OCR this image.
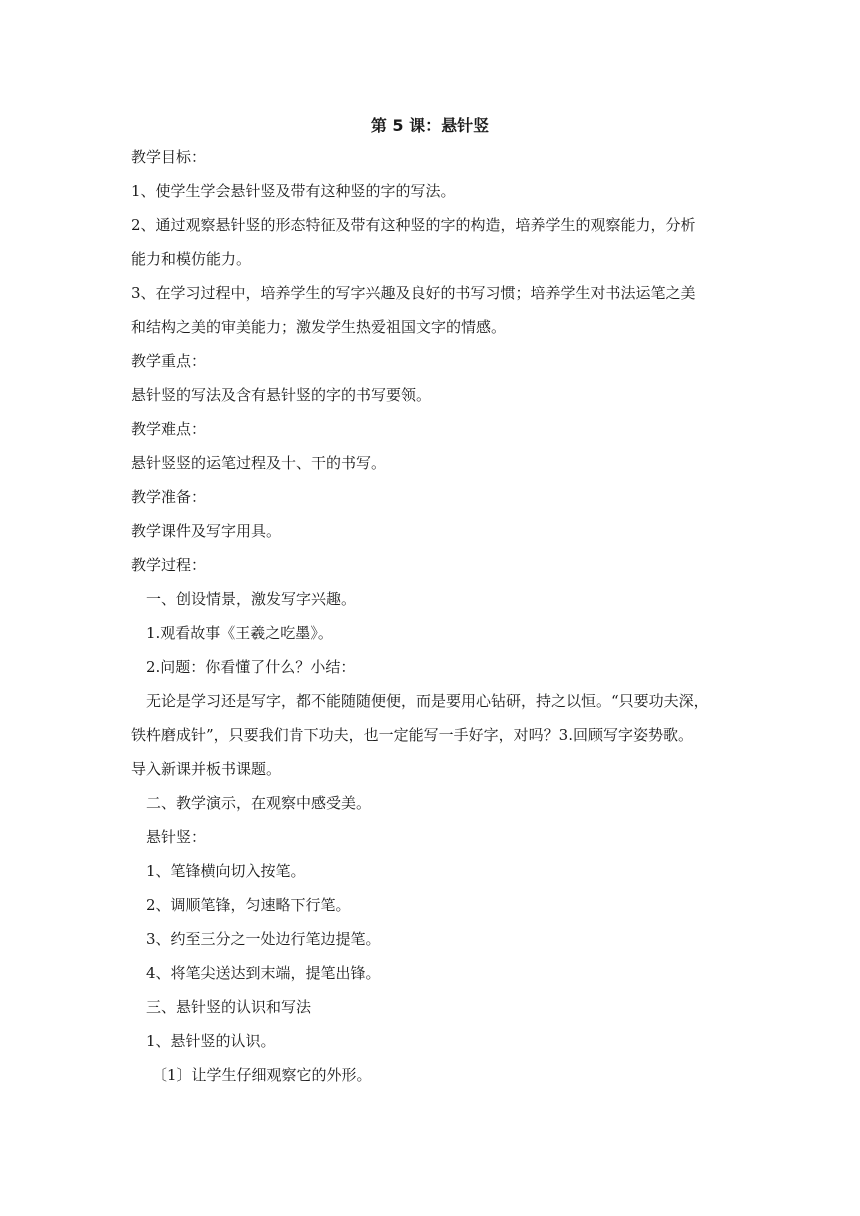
第 5 课：悬针竖
教学目标：
1、使学生学会悬针竖及带有这种竖的字的写法。
2、通过观察悬针竖的形态特征及带有这种竖的字的构造，培养学生的观察能力，分析
能力和模仿能力。
3、在学习过程中，培养学生的写字兴趣及良好的书写习惯；培养学生对书法运笔之美
和结构之美的审美能力；激发学生热爱祖国文字的情感。
教学重点：
悬针竖的写法及含有悬针竖的字的书写要领。
教学难点：
悬针竖竖的运笔过程及十、干的书写。
教学准备：
教学课件及写字用具。
教学过程：
一、创设情景，激发写字兴趣。
1.观看故事《王羲之吃墨》。
2.问题：你看懂了什么？小结：
无论是学习还是写字，都不能随随便便，而是要用心钻研，持之以恒。“只要功夫深，
铁杵磨成针”，只要我们肯下功夫，也一定能写一手好字，对吗？3.回顾写字姿势歌。
导入新课并板书课题。
二、教学演示，在观察中感受美。
悬针竖：
1、笔锋横向切入按笔。
2、调顺笔锋，匀速略下行笔。
3、约至三分之一处边行笔边提笔。
4、将笔尖送达到末端，提笔出锋。
三、悬针竖的认识和写法
1、悬针竖的认识。
〔1〕让学生仔细观察它的外形。
